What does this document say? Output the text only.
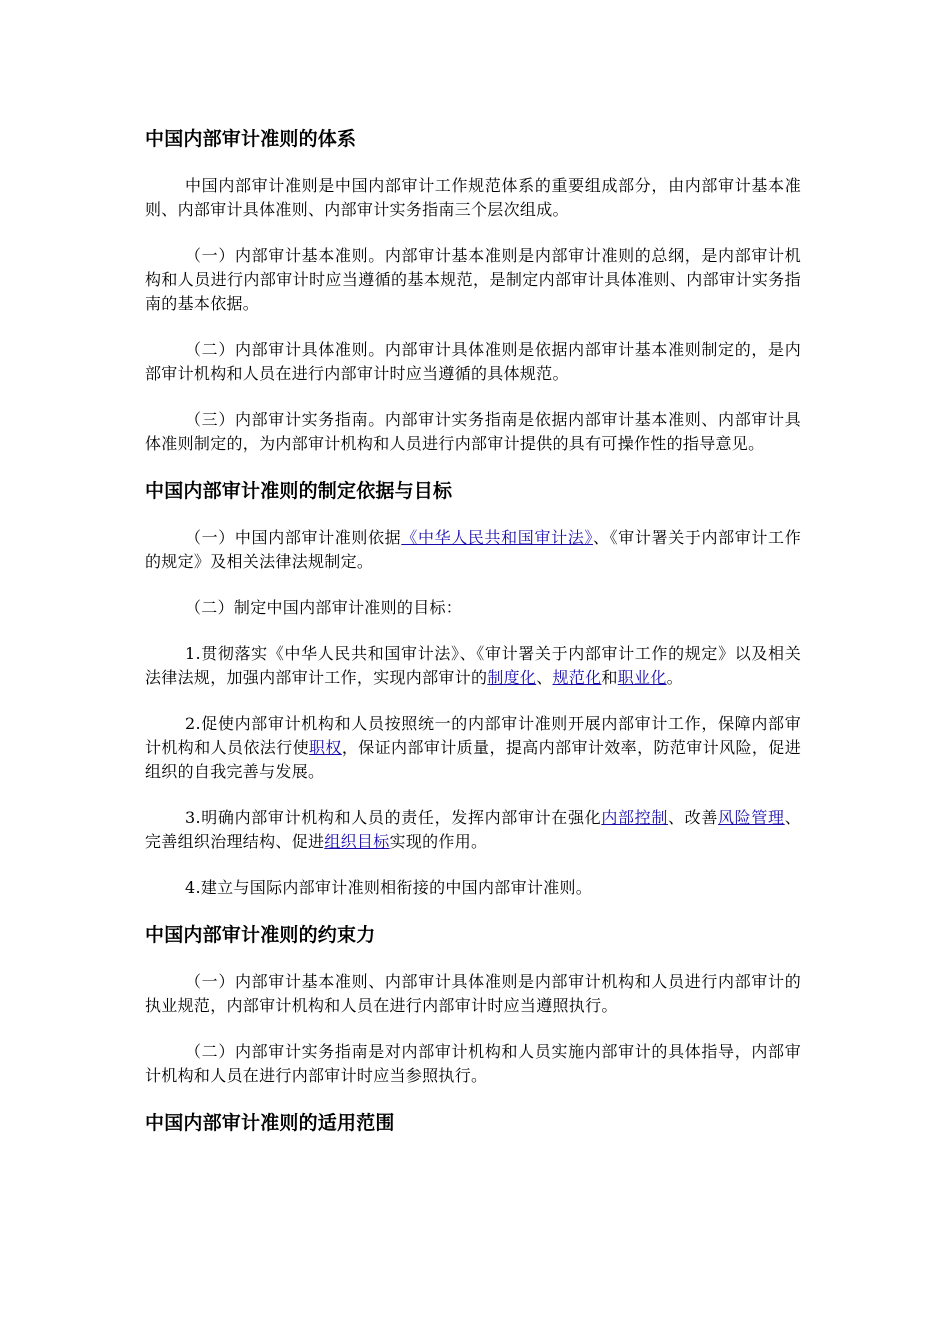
中国内部审计准则的体系

中国内部审计准则是中国内部审计工作规范体系的重要组成部分，由内部审计基本准则、内部审计具体准则、内部审计实务指南三个层次组成。

（一）内部审计基本准则。内部审计基本准则是内部审计准则的总纲，是内部审计机构和人员进行内部审计时应当遵循的基本规范，是制定内部审计具体准则、内部审计实务指南的基本依据。

（二）内部审计具体准则。内部审计具体准则是依据内部审计基本准则制定的，是内部审计机构和人员在进行内部审计时应当遵循的具体规范。

（三）内部审计实务指南。内部审计实务指南是依据内部审计基本准则、内部审计具体准则制定的，为内部审计机构和人员进行内部审计提供的具有可操作性的指导意见。

中国内部审计准则的制定依据与目标

（一）中国内部审计准则依据《中华人民共和国审计法》、《审计署关于内部审计工作的规定》及相关法律法规制定。

（二）制定中国内部审计准则的目标：

1.贯彻落实《中华人民共和国审计法》、《审计署关于内部审计工作的规定》以及相关法律法规，加强内部审计工作，实现内部审计的制度化、规范化和职业化。

2.促使内部审计机构和人员按照统一的内部审计准则开展内部审计工作，保障内部审计机构和人员依法行使职权，保证内部审计质量，提高内部审计效率，防范审计风险，促进组织的自我完善与发展。

3.明确内部审计机构和人员的责任，发挥内部审计在强化内部控制、改善风险管理、完善组织治理结构、促进组织目标实现的作用。

4.建立与国际内部审计准则相衔接的中国内部审计准则。

中国内部审计准则的约束力

（一）内部审计基本准则、内部审计具体准则是内部审计机构和人员进行内部审计的执业规范，内部审计机构和人员在进行内部审计时应当遵照执行。

（二）内部审计实务指南是对内部审计机构和人员实施内部审计的具体指导，内部审计机构和人员在进行内部审计时应当参照执行。

中国内部审计准则的适用范围
